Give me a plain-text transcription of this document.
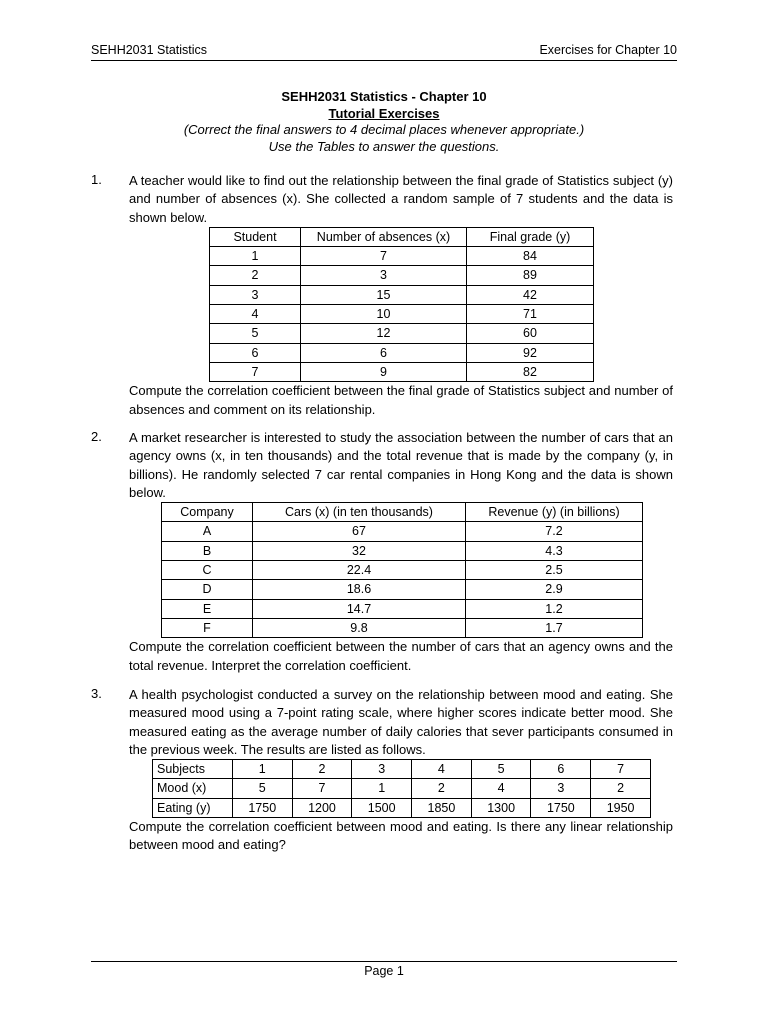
SEHH2031 Statistics	Exercises for Chapter 10
SEHH2031 Statistics - Chapter 10
Tutorial Exercises
(Correct the final answers to 4 decimal places whenever appropriate.)
Use the Tables to answer the questions.
1. A teacher would like to find out the relationship between the final grade of Statistics subject (y) and number of absences (x). She collected a random sample of 7 students and the data is shown below.

Student	Number of absences (x)	Final grade (y)
1	7	84
2	3	89
3	15	42
4	10	71
5	12	60
6	6	92
7	9	82

Compute the correlation coefficient between the final grade of Statistics subject and number of absences and comment on its relationship.

2. A market researcher is interested to study the association between the number of cars that an agency owns (x, in ten thousands) and the total revenue that is made by the company (y, in billions). He randomly selected 7 car rental companies in Hong Kong and the data is shown below.

Company	Cars (x) (in ten thousands)	Revenue (y) (in billions)
A	67	7.2
B	32	4.3
C	22.4	2.5
D	18.6	2.9
E	14.7	1.2
F	9.8	1.7

Compute the correlation coefficient between the number of cars that an agency owns and the total revenue. Interpret the correlation coefficient.

3. A health psychologist conducted a survey on the relationship between mood and eating. She measured mood using a 7-point rating scale, where higher scores indicate better mood. She measured eating as the average number of daily calories that sever participants consumed in the previous week. The results are listed as follows.

Subjects	1	2	3	4	5	6	7
Mood (x)	5	7	1	2	4	3	2
Eating (y)	1750	1200	1500	1850	1300	1750	1950

Compute the correlation coefficient between mood and eating. Is there any linear relationship between mood and eating?

Page 1
